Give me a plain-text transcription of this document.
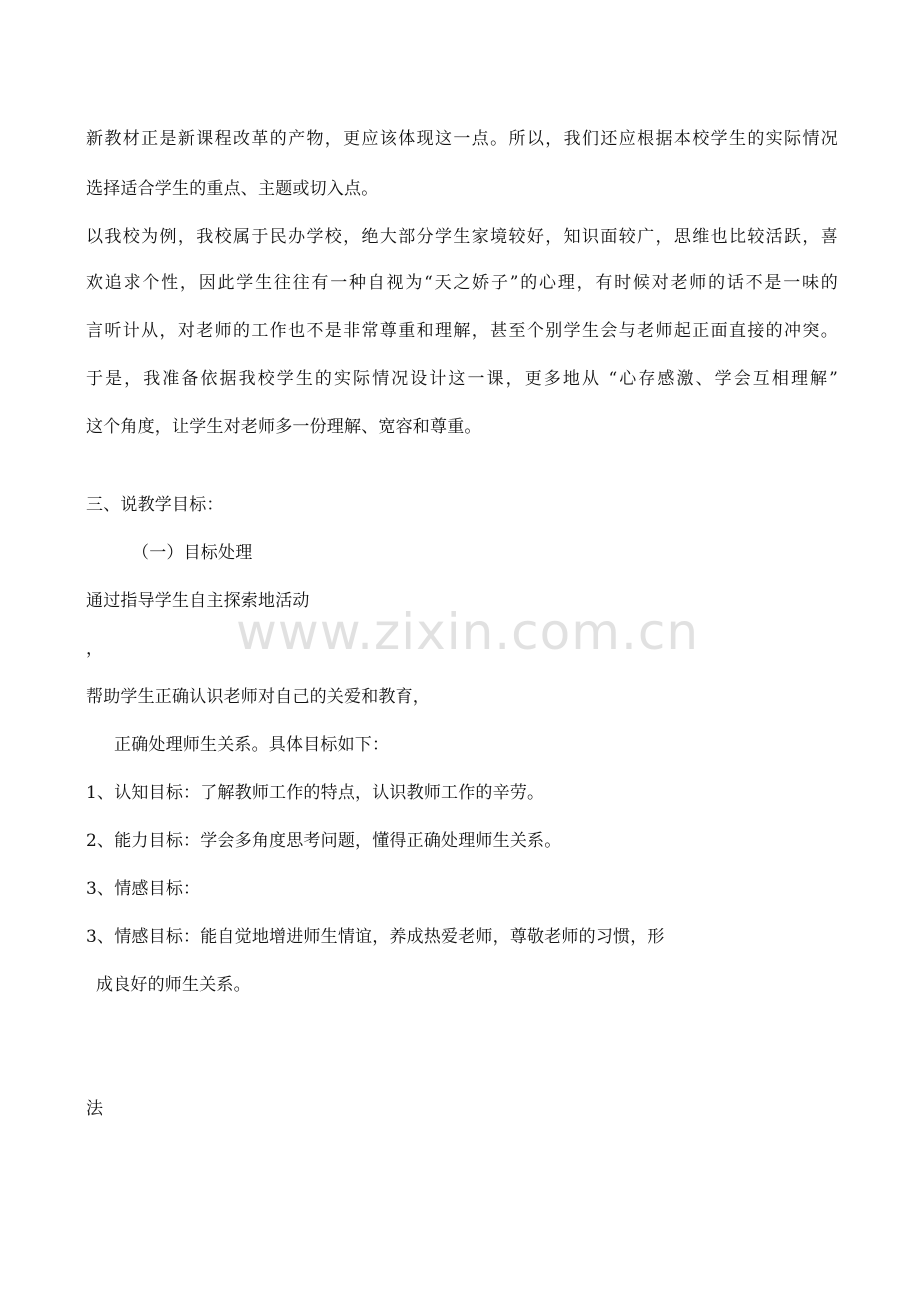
新教材正是新课程改革的产物，更应该体现这一点。所以，我们还应根据本校学生的实际情况
选择适合学生的重点、主题或切入点。
以我校为例，我校属于民办学校，绝大部分学生家境较好，知识面较广，思维也比较活跃，喜
欢追求个性，因此学生往往有一种自视为“天之娇子”的心理，有时候对老师的话不是一味的
言听计从，对老师的工作也不是非常尊重和理解，甚至个别学生会与老师起正面直接的冲突。
于是，我准备依据我校学生的实际情况设计这一课，更多地从 “心存感激、学会互相理解”
这个角度，让学生对老师多一份理解、宽容和尊重。
三、说教学目标：
（一）目标处理
通过指导学生自主探索地活动
，
帮助学生正确认识老师对自己的关爱和教育，
正确处理师生关系。具体目标如下：
1、认知目标：了解教师工作的特点，认识教师工作的辛劳。
2、能力目标：学会多角度思考问题，懂得正确处理师生关系。
3、情感目标：
3、情感目标：能自觉地增进师生情谊，养成热爱老师，尊敬老师的习惯，形
成良好的师生关系。
法
www.zixin.com.cn
